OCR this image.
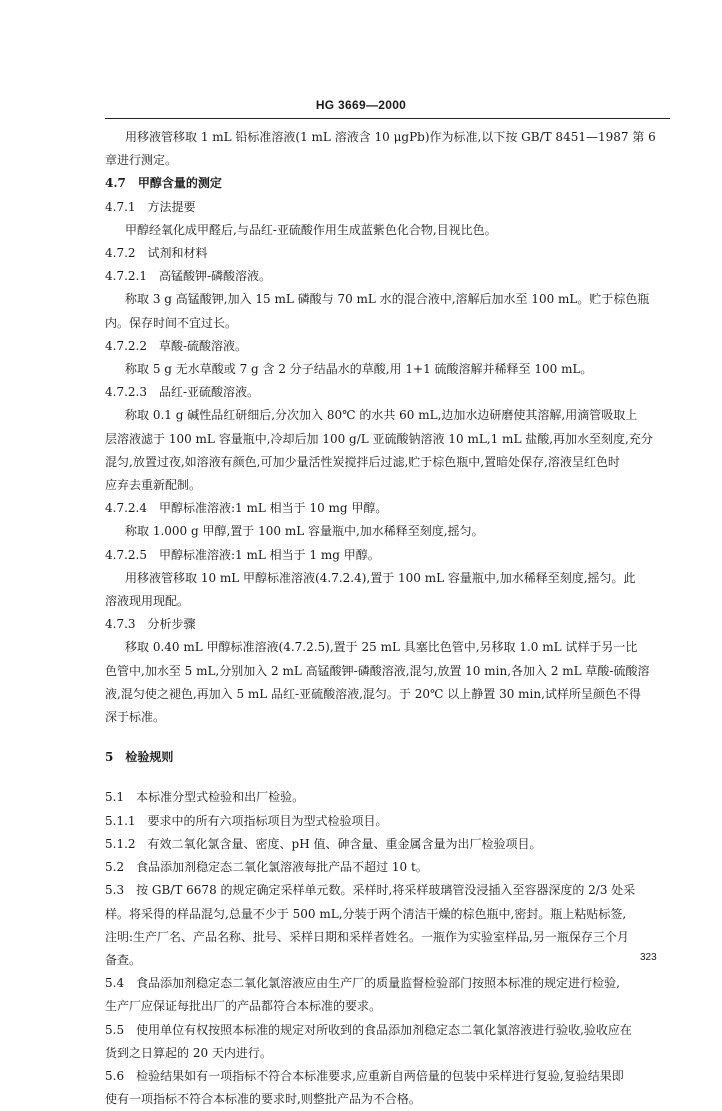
HG 3669—2000

用移液管移取 1 mL 铅标准溶液(1 mL 溶液含 10 μgPb)作为标准,以下按 GB/T 8451—1987 第 6

章进行测定。

4.7　甲醇含量的测定

4.7.1　方法提要

甲醇经氧化成甲醛后,与品红-亚硫酸作用生成蓝紫色化合物,目视比色。

4.7.2　试剂和材料

4.7.2.1　高锰酸钾-磷酸溶液。

称取 3 g 高锰酸钾,加入 15 mL 磷酸与 70 mL 水的混合液中,溶解后加水至 100 mL。贮于棕色瓶

内。保存时间不宜过长。

4.7.2.2　草酸-硫酸溶液。

称取 5 g 无水草酸或 7 g 含 2 分子结晶水的草酸,用 1+1 硫酸溶解并稀释至 100 mL。

4.7.2.3　品红-亚硫酸溶液。

称取 0.1 g 碱性品红研细后,分次加入 80℃ 的水共 60 mL,边加水边研磨使其溶解,用滴管吸取上

层溶液滤于 100 mL 容量瓶中,冷却后加 100 g/L 亚硫酸钠溶液 10 mL,1 mL 盐酸,再加水至刻度,充分

混匀,放置过夜,如溶液有颜色,可加少量活性炭搅拌后过滤,贮于棕色瓶中,置暗处保存,溶液呈红色时

应弃去重新配制。

4.7.2.4　甲醇标准溶液:1 mL 相当于 10 mg 甲醇。

称取 1.000 g 甲醇,置于 100 mL 容量瓶中,加水稀释至刻度,摇匀。

4.7.2.5　甲醇标准溶液:1 mL 相当于 1 mg 甲醇。

用移液管移取 10 mL 甲醇标准溶液(4.7.2.4),置于 100 mL 容量瓶中,加水稀释至刻度,摇匀。此

溶液现用现配。

4.7.3　分析步骤

移取 0.40 mL 甲醇标准溶液(4.7.2.5),置于 25 mL 具塞比色管中,另移取 1.0 mL 试样于另一比

色管中,加水至 5 mL,分别加入 2 mL 高锰酸钾-磷酸溶液,混匀,放置 10 min,各加入 2 mL 草酸-硫酸溶

液,混匀使之褪色,再加入 5 mL 品红-亚硫酸溶液,混匀。于 20℃ 以上静置 30 min,试样所呈颜色不得

深于标准。

5　检验规则

5.1　本标准分型式检验和出厂检验。

5.1.1　要求中的所有六项指标项目为型式检验项目。

5.1.2　有效二氧化氯含量、密度、pH 值、砷含量、重金属含量为出厂检验项目。

5.2　食品添加剂稳定态二氧化氯溶液每批产品不超过 10 t。

5.3　按 GB/T 6678 的规定确定采样单元数。采样时,将采样玻璃管没浸插入至容器深度的 2/3 处采

样。将采得的样品混匀,总量不少于 500 mL,分装于两个清洁干燥的棕色瓶中,密封。瓶上粘贴标签,

注明:生产厂名、产品名称、批号、采样日期和采样者姓名。一瓶作为实验室样品,另一瓶保存三个月

备查。

5.4　食品添加剂稳定态二氧化氯溶液应由生产厂的质量监督检验部门按照本标准的规定进行检验,

生产厂应保证每批出厂的产品都符合本标准的要求。

5.5　使用单位有权按照本标准的规定对所收到的食品添加剂稳定态二氧化氯溶液进行验收,验收应在

货到之日算起的 20 天内进行。

5.6　检验结果如有一项指标不符合本标准要求,应重新自两倍量的包装中采样进行复验,复验结果即

使有一项指标不符合本标准的要求时,则整批产品为不合格。

323
